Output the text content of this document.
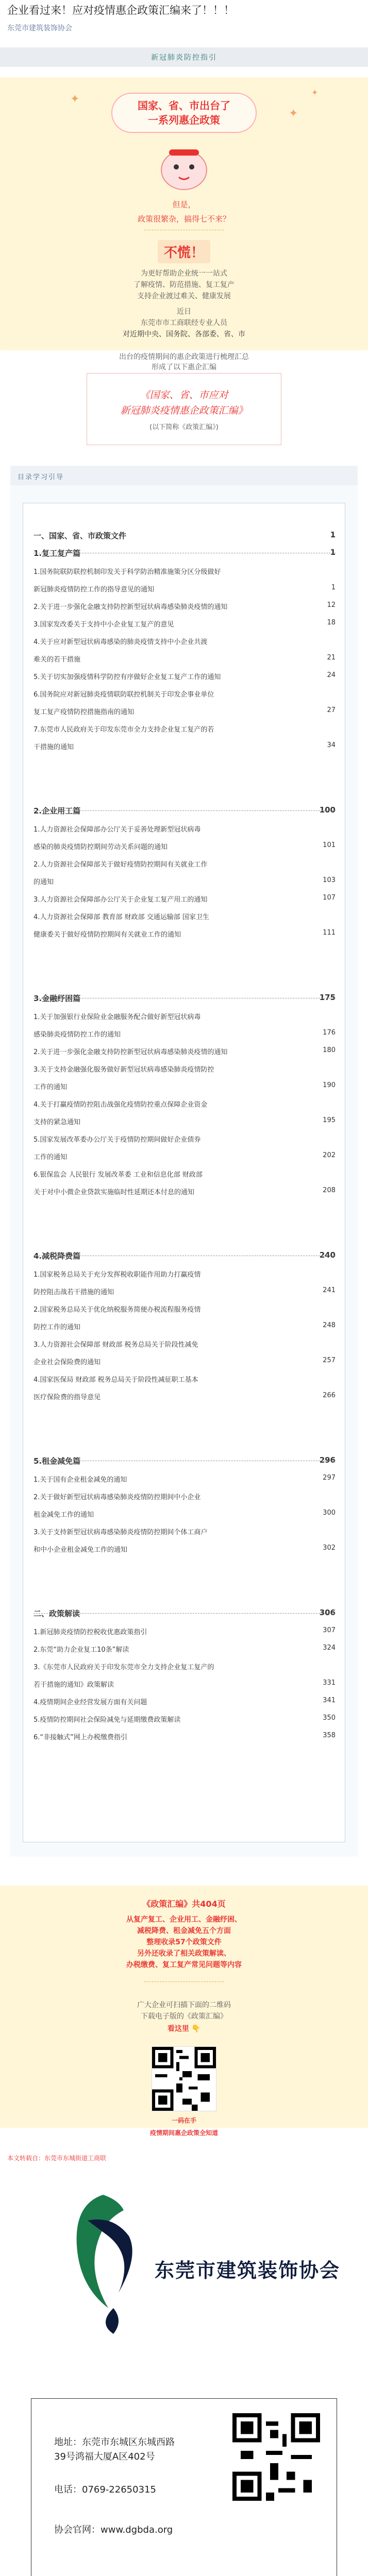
企业看过来！应对疫情惠企政策汇编来了！！！
东莞市建筑装饰协会
新冠肺炎防控指引
✦
✦
✦
国家、省、市出台了
一系列惠企政策
但是，
政策很繁杂，搞得七不来？
不慌！
为更好帮助企业统一一站式
了解疫情、防范措施、复工复产
支持企业渡过难关、健康发展
近日
东莞市市工商联经专业人员
对近期中央、国务院、各部委、省、市
出台的疫情期间的惠企政策进行梳理汇总
形成了以下惠企汇编
《国家、省、市应对
新冠肺炎疫情惠企政策汇编》
(以下简称《政策汇编》)
目录学习引导
一、国家、省、市政策文件	1
1.复工复产篇	1
1.国务院联防联控机制印发关于科学防治精准施策分区分级做好
新冠肺炎疫情防控工作的指导意见的通知	1
2.关于进一步强化金融支持防控新型冠状病毒感染肺炎疫情的通知	12
3.国家发改委关于支持中小企业复工复产的意见	18
4.关于应对新型冠状病毒感染的肺炎疫情支持中小企业共渡
难关的若干措施	21
5.关于切实加强疫情科学防控有序做好企业复工复产工作的通知	24
6.国务院应对新冠肺炎疫情联防联控机制关于印发企事业单位
复工复产疫情防控措施指南的通知	27
7.东莞市人民政府关于印发东莞市全力支持企业复工复产的若
干措施的通知	34
2.企业用工篇	100
1.人力资源社会保障部办公厅关于妥善处理新型冠状病毒
感染的肺炎疫情防控期间劳动关系问题的通知	101
2.人力资源社会保障部关于做好疫情防控期间有关就业工作
的通知	103
3.人力资源社会保障部办公厅关于企业复工复产用工的通知	107
4.人力资源社会保障部 教育部 财政部 交通运输部 国家卫生
健康委关于做好疫情防控期间有关就业工作的通知	111
3.金融纾困篇	175
1.关于加强银行业保险业金融服务配合做好新型冠状病毒
感染肺炎疫情防控工作的通知	176
2.关于进一步强化金融支持防控新型冠状病毒感染肺炎疫情的通知	180
3.关于支持金融强化服务做好新型冠状病毒感染肺炎疫情防控
工作的通知	190
4.关于打赢疫情防控阻击战强化疫情防控重点保障企业资金
支持的紧急通知	195
5.国家发展改革委办公厅关于疫情防控期间做好企业债券
工作的通知	202
6.银保监会 人民银行 发展改革委 工业和信息化部 财政部
关于对中小微企业贷款实施临时性延期还本付息的通知	208
4.减税降费篇	240
1.国家税务总局关于充分发挥税收职能作用助力打赢疫情
防控阻击战若干措施的通知	241
2.国家税务总局关于优化纳税服务简便办税流程服务疫情
防控工作的通知	248
3.人力资源社会保障部 财政部 税务总局关于阶段性减免
企业社会保险费的通知	257
4.国家医保局 财政部 税务总局关于阶段性减征职工基本
医疗保险费的指导意见	266
5.租金减免篇	296
1.关于国有企业租金减免的通知	297
2.关于做好新型冠状病毒感染肺炎疫情防控期间中小企业
租金减免工作的通知	300
3.关于支持新型冠状病毒感染肺炎疫情防控期间个体工商户
和中小企业租金减免工作的通知	302
二、政策解读	306
1.新冠肺炎疫情防控税收优惠政策指引	307
2.东莞“助力企业复工10条”解读	324
3.《东莞市人民政府关于印发东莞市全力支持企业复工复产的
若干措施的通知》政策解读	331
4.疫情期间企业经营发展方面有关问题	341
5.疫情防控期间社会保险减免与延期缴费政策解读	350
6.“非接触式”网上办税缴费指引	358
《政策汇编》共404页
从复产复工、企业用工、金融纾困、
减税降费、租金减免五个方面
整理收录57个政策文件
另外还收录了相关政策解读、
办税缴费、复工复产常见问题等内容
广大企业可扫描下面的二维码
下载电子版的《政策汇编》
看这里 👇
一码在手
疫情期间惠企政策全知道
本文转载自：东莞市东城街道工商联
东莞市建筑装饰协会
地址：东莞市东城区东城西路
39号鸿福大厦A区402号
电话：0769-22650315
协会官网：www.dgbda.org
